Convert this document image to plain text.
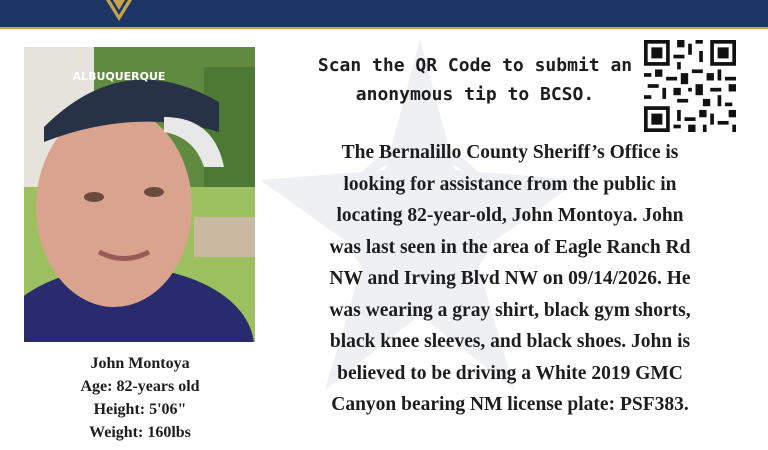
ALBUQUERQUE
John Montoya
Age: 82-years old
Height: 5'06"
Weight: 160lbs
Scan the QR Code to submit an
anonymous tip to BCSO.
The Bernalillo County Sheriff’s Office is
looking for assistance from the public in
locating 82-year-old, John Montoya. John
was last seen in the area of Eagle Ranch Rd
NW and Irving Blvd NW on 09/14/2026. He
was wearing a gray shirt, black gym shorts,
black knee sleeves, and black shoes. John is
believed to be driving a White 2019 GMC
Canyon bearing NM license plate: PSF383.
